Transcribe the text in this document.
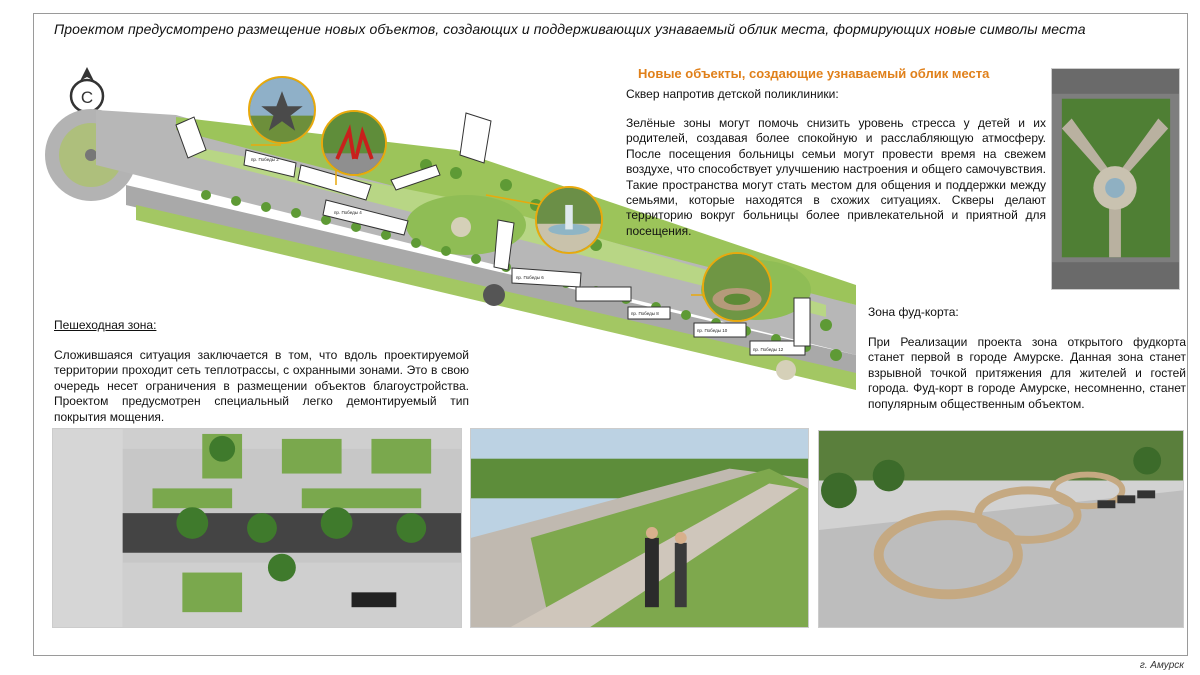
Проектом предусмотрено размещение новых объектов, создающих и поддерживающих узнаваемый облик места, формирующих новые символы места
С
пр. Победы 2
пр. Победы 4
пр. Победы 6
пр. Победы 8
пр. Победы 10
пр. Победы 12
Новые объекты, создающие узнаваемый облик места
Сквер напротив детской поликлиники:
Зелёные зоны могут помочь снизить уровень стресса у детей и их родителей, создавая более спокойную и расслабляющую атмосферу. После посещения больницы семьи могут провести время на свежем воздухе, что способствует улучшению настроения и общего самочувствия. Такие пространства могут стать местом для общения и поддержки между семьями, которые находятся в схожих ситуациях. Скверы делают территорию вокруг больницы более привлекательной и приятной для посещения.
Пешеходная зона:
Сложившаяся ситуация заключается в том, что вдоль проектируемой территории проходит сеть теплотрассы, с охранными зонами. Это в свою очередь несет ограничения в размещении объектов благоустройства. Проектом предусмотрен специальный легко демонтируемый тип покрытия мощения.
Зона фуд-корта:
При Реализации проекта зона открытого фудкорта станет первой в городе Амурске. Данная зона станет взрывной точкой притяжения для жителей и гостей города. Фуд-корт в городе Амурске, несомненно, станет популярным общественным объектом.
г. Амурск
